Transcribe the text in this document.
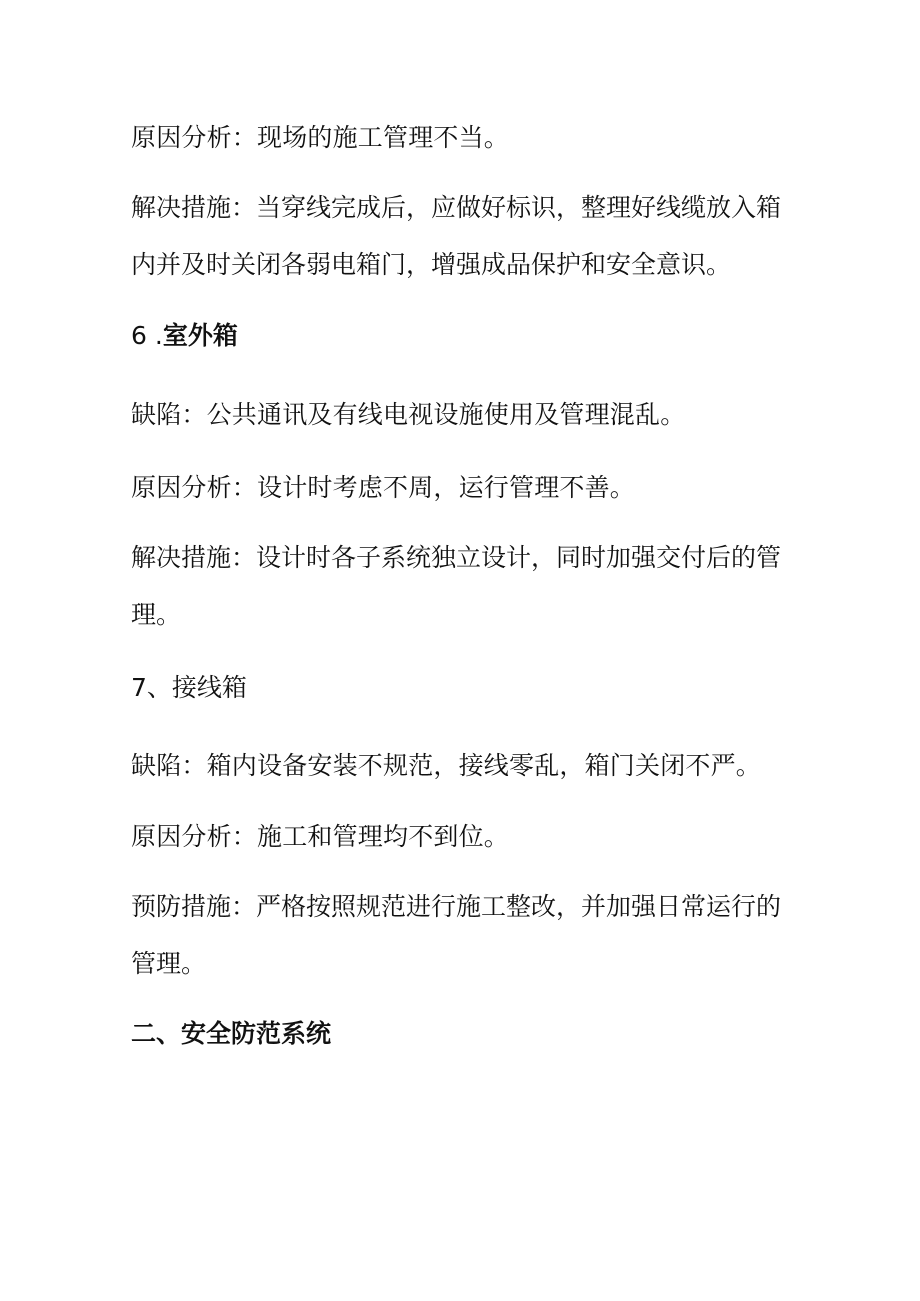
原因分析：现场的施工管理不当。
解决措施：当穿线完成后，应做好标识，整理好线缆放入箱
内并及时关闭各弱电箱门，增强成品保护和安全意识。
6 .室外箱
缺陷：公共通讯及有线电视设施使用及管理混乱。
原因分析：设计时考虑不周，运行管理不善。
解决措施：设计时各子系统独立设计，同时加强交付后的管
理。
7、接线箱
缺陷：箱内设备安装不规范，接线零乱，箱门关闭不严。
原因分析：施工和管理均不到位。
预防措施：严格按照规范进行施工整改，并加强日常运行的
管理。
二、安全防范系统
